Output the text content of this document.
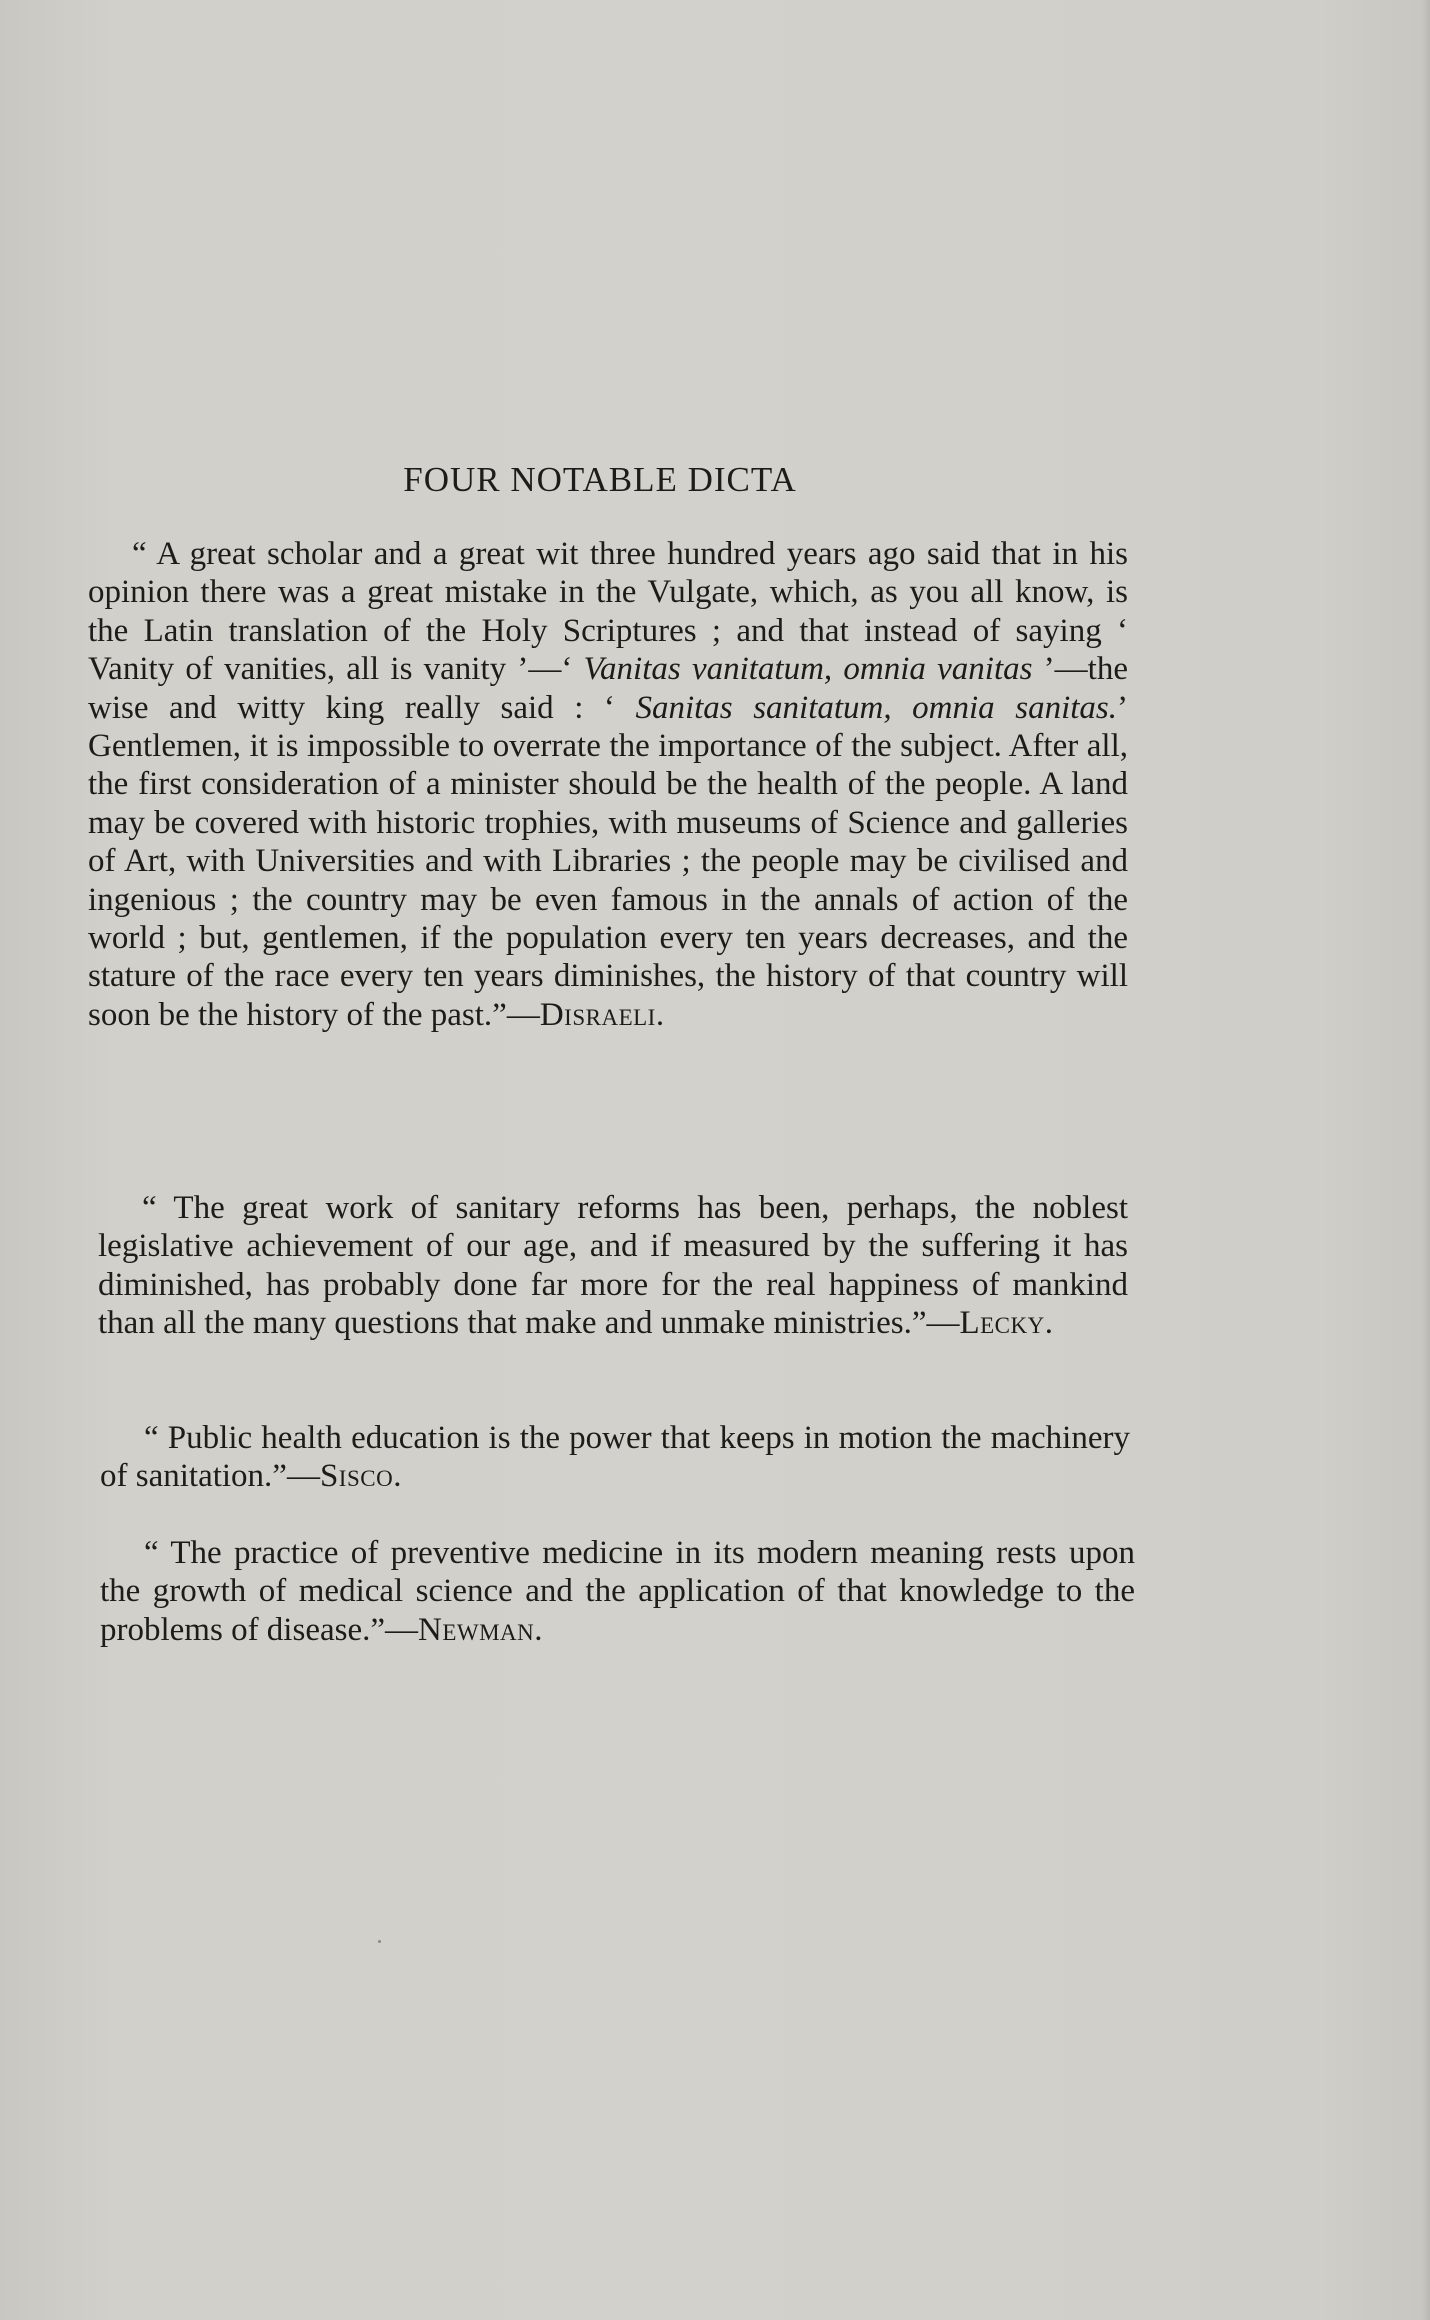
FOUR NOTABLE DICTA

“ A great scholar and a great wit three hundred years ago said that in his opinion there was a great mistake in the Vulgate, which, as you all know, is the Latin translation of the Holy Scriptures ; and that instead of saying ‘ Vanity of vanities, all is vanity ’—‘ Vanitas vanitatum, omnia vanitas ’—the wise and witty king really said : ‘ Sanitas sanitatum, omnia sanitas.’ Gentlemen, it is impossible to overrate the importance of the subject. After all, the first consideration of a minister should be the health of the people. A land may be covered with historic trophies, with museums of Science and galleries of Art, with Universities and with Libraries ; the people may be civilised and ingenious ; the country may be even famous in the annals of action of the world ; but, gentlemen, if the population every ten years decreases, and the stature of the race every ten years diminishes, the history of that country will soon be the history of the past.”—Disraeli.

“ The great work of sanitary reforms has been, perhaps, the noblest legislative achievement of our age, and if measured by the suffering it has diminished, has probably done far more for the real happiness of mankind than all the many questions that make and unmake ministries.”—Lecky.

“ Public health education is the power that keeps in motion the machinery of sanitation.”—Sisco.

“ The practice of preventive medicine in its modern meaning rests upon the growth of medical science and the application of that knowledge to the problems of disease.”—Newman.
